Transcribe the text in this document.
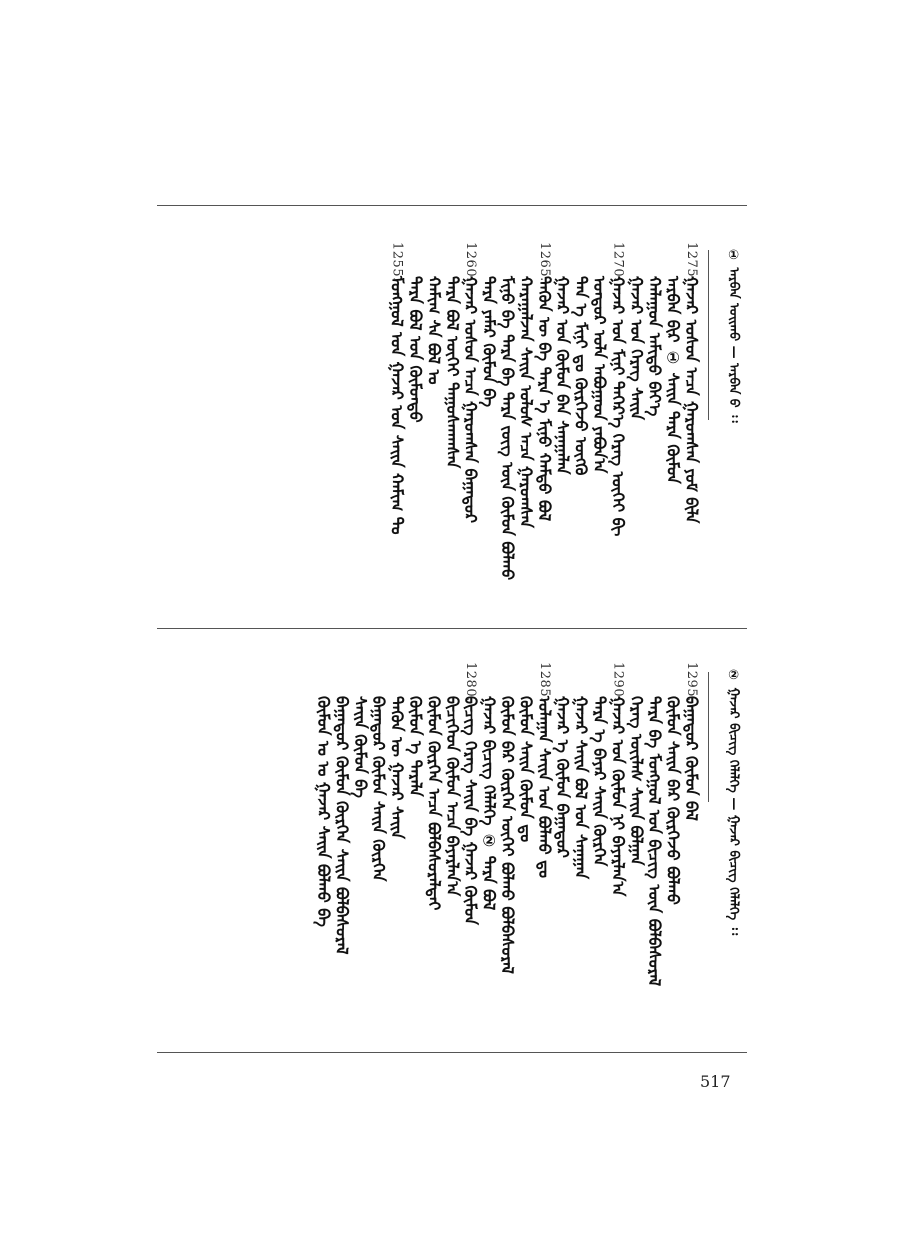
① ᠠᠷᠪᠠᠨ ᠤᠢᠬᠤ — ᠠᠷᠪᠠᠨ ᠤ᠋ ᠄᠄
ᠭᠠᠵᠠᠷ ᠤᠰᠤᠨ ᠠᠴᠠ ᠭᠠᠷᠤᠭᠰᠠᠨ ᠶᠤᠮ ᠪᠢᠯᠡ
ᠠᠷᠪᠠᠨ ᠪᠢᠷ ① ᠰᠠᠢᠨ ᠲᠡᠷᠡ ᠬᠦᠮᠦᠨ
ᠬᠠᠯᠠᠭᠤᠨ ᠠᠮᠢᠳᠤ ᠪᠡᠶ᠎ᠡ
ᠭᠠᠵᠠᠷ ᠤᠨ ᠬᠡᠷᠡᠭ ᠰᠠᠢᠨ
ᠭᠠᠵᠠᠷ ᠤᠨ ᠮᠢᠨᠢ ᠳᠡᠭᠡᠷ᠎ᠡ ᠬᠡᠷᠡᠭ ᠦᠭᠡᠢ ᠪᠢ
ᠤᠨᠳᠤᠷ ᠤᠯᠠ ᠠᠪᠤᠭᠠᠳ ᠶᠠᠪᠤᠨ᠎ᠠ
ᠲᠠᠨ ᠡ ᠮᠢᠨᠢ ᠳᠤ ᠬᠦᠷᠭᠡᠵᠦ ᠦᠭᠬᠦ
ᠭᠠᠵᠠᠷ ᠤᠨ ᠬᠦᠮᠦᠨ ᠪᠠᠨ ᠰᠠᠨᠠᠭᠠᠯᠠᠨ
ᠲᠡᠭᠦᠨ ᠦ ᠪᠠ ᠲᠡᠷᠡ ᠡ ᠮᠢᠨᠦ ᠬᠠᠮᠲᠤ ᠪᠤᠯ
ᠬᠠᠷᠠᠭᠠᠯᠵᠠᠨ ᠰᠠᠢᠨ ᠤᠯᠤᠰ ᠠᠴᠠ ᠭᠠᠷᠤᠭᠰᠠᠨ
ᠮᠢᠨᠦ ᠪᠠ ᠲᠡᠷᠡ ᠪᠠ ᠲᠡᠷᠡ ᠵᠦᠭ ᠦᠨ ᠬᠦᠮᠦᠨ ᠪᠣᠯᠬᠤ
ᠲᠡᠷᠡ ᠶᠠᠮᠠᠷ ᠬᠦᠮᠦᠨ ᠪᠡ
ᠭᠠᠵᠠᠷ ᠤᠰᠤᠨ ᠠᠴᠠ ᠭᠠᠷᠤᠭᠰᠠᠨ ᠪᠠᠭᠠᠲᠤᠷ
ᠲᠡᠷᠡ ᠪᠣᠯ ᠦᠭᠡᠢ ᠳᠠᠭᠤᠰᠬᠠᠭᠰᠠᠨ
ᠬᠠᠮᠢᠭ ᠰᠠ ᠪᠣᠯ ᠤ
ᠲᠡᠷᠡ ᠪᠣᠯ ᠤᠨ ᠬᠦᠮᠦᠨᠳᠦ
ᠮᠣᠩᠭᠣᠯ ᠤᠨ ᠭᠠᠵᠠᠷ ᠤᠨ ᠰᠠᠢᠨ ᠬᠠᠮᠢᠭ ᠲᠤ
1275.
1270.
1265.
1260.
1255.
② ᠭᠠᠵᠠᠷ ᠪᠢᠴᠢᠭ ᠬᠡᠯᠡᠯᠭᠡ — ᠭᠠᠵᠠᠷ ᠪᠢᠴᠢᠭ ᠬᠡᠯᠡᠯᠭᠡ ᠄᠄
ᠪᠠᠭᠠᠲᠤᠷ ᠬᠦᠮᠦᠨ ᠪᠡᠯ
ᠬᠦᠮᠦᠨ ᠰᠠᠢᠨ ᠪᠡᠷ ᠬᠦᠷᠭᠡᠵᠦ ᠪᠣᠯᠬᠤ
ᠲᠡᠷᠡ ᠪᠠ ᠮᠣᠩᠭᠣᠯ ᠤᠨ ᠪᠢᠴᠢᠭ ᠦᠨ ᠪᠣᠯᠪᠠᠰᠤᠷᠠᠯ
ᠬᠡᠷᠡᠭ ᠦᠢᠯᠡᠰ ᠰᠠᠢᠨ ᠪᠣᠯᠭᠠᠨ
ᠭᠠᠵᠠᠷ ᠤᠨ ᠬᠦᠮᠦᠨ ᠨᠢ ᠪᠠᠶᠠᠷᠯᠠᠨ᠎ᠠ
ᠲᠡᠷᠡ ᠡ ᠪᠠᠶᠠᠷ ᠰᠠᠢᠨ ᠬᠦᠷᠭᠡᠨ
ᠭᠠᠵᠠᠷ ᠰᠠᠢᠨ ᠪᠣᠯ ᠤᠨ ᠰᠠᠨᠠᠭᠠᠨ
ᠭᠠᠵᠠᠷ ᠡ ᠬᠦᠮᠦᠨ ᠪᠠᠭᠠᠲᠤᠷ
ᠤᠯᠠᠭᠠᠨ ᠰᠠᠢᠨ ᠤᠨ ᠪᠣᠯᠬᠤ ᠳᠤ
ᠬᠦᠮᠦᠨ ᠰᠠᠢᠨ ᠬᠦᠮᠦᠨ ᠳᠤ
ᠬᠦᠮᠦᠨ ᠪᠡᠷ ᠬᠦᠷᠭᠡᠨ ᠦᠭᠡᠢ ᠪᠤᠯᠬᠤ ᠪᠣᠯᠪᠠᠰᠤᠷᠠᠯ
ᠭᠠᠵᠠᠷ ᠪᠢᠴᠢᠭ ᠬᠡᠯᠡᠯᠭᠡ ② ᠲᠡᠷᠡ ᠪᠣᠯ
ᠪᠢᠴᠢᠭ ᠬᠡᠷᠡᠭ ᠰᠠᠢᠨ ᠪᠠ ᠭᠠᠵᠠᠷ ᠬᠦᠮᠦᠨ
ᠪᠢᠴᠢᠭᠡᠳ ᠬᠦᠮᠦᠨ ᠠᠴᠠ ᠪᠠᠶᠠᠷᠯᠠᠨ᠎ᠠ
ᠬᠦᠮᠦᠨ ᠬᠦᠷᠭᠡᠨ ᠠᠴᠠ ᠪᠣᠯᠪᠠᠰᠤᠷᠠᠯᠲᠠᠢ
ᠬᠦᠮᠦᠨ ᠡ ᠲᠡᠷᠡᠯᠡ
ᠲᠡᠭᠦᠨ ᠦ ᠭᠠᠵᠠᠷ ᠰᠠᠢᠨ
ᠪᠠᠭᠠᠲᠤᠷ ᠬᠦᠮᠦᠨ ᠰᠠᠢᠨ ᠬᠦᠷᠭᠡᠨ
ᠰᠠᠢᠨ ᠬᠦᠮᠦᠨ ᠪᠠ
ᠪᠠᠭᠠᠲᠤᠷ ᠬᠦᠮᠦᠨ ᠬᠦᠷᠭᠡᠨ ᠰᠠᠢᠨ ᠪᠣᠯᠪᠠᠰᠤᠷᠠᠯ
ᠬᠦᠮᠦᠨ ᠤ ᠤ ᠭᠠᠵᠠᠷ ᠰᠠᠢᠨ ᠪᠣᠯᠬᠤ ᠪᠠ
1295.
1290.
1285.
1280.
517
